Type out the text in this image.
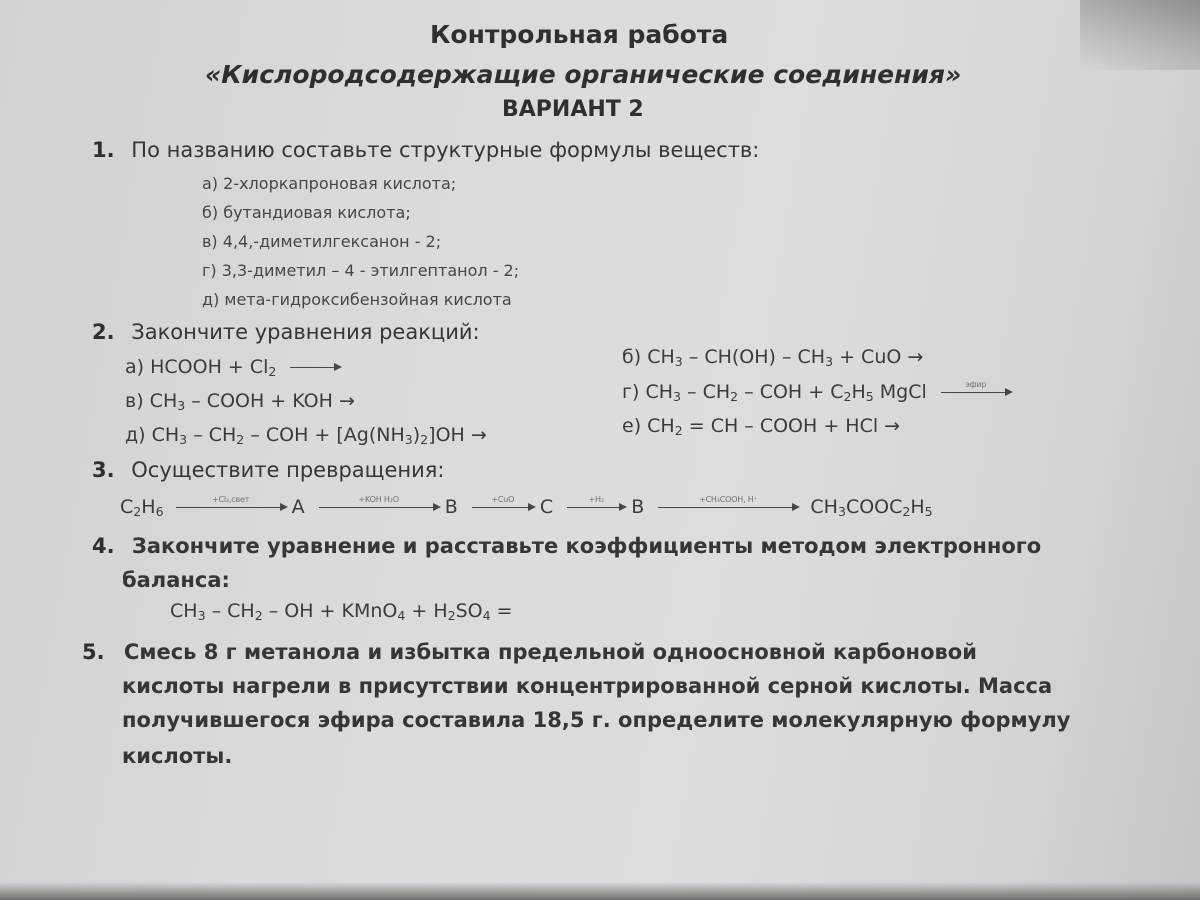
Контрольная работа
«Кислородсодержащие органические соединения»
ВАРИАНТ 2
1. По названию составьте структурные формулы веществ:
а) 2-хлоркапроновая кислота;
б) бутандиовая кислота;
в) 4,4,-диметилгексанон - 2;
г) 3,3-диметил – 4 - этилгептанол - 2;
д) мета-гидроксибензойная кислота
2. Закончите уравнения реакций:
а) HCOOH + $Cl_2$ →	б) $CH_3 - CH(OH) - CH_3$ + CuO →
в) $CH_3$ – COOH + KOH →	г) $CH_3 - CH_2$ – COH + $C_2H_5$ MgCl	эфир
д) $CH_3 - CH_2$ – COH + $[Ag(NH_3)_2]OH$ →	е) $CH_2$ = CH – COOH + HCl →
3. Осуществите превращения:
$C_2H_6$
+Cl₂,свет	A	+KOH H₂O	B	+CuO	C	+H₂	B	+CH₃COOH, H⁺	$CH_3COOC_2H_5$
4. Закончите уравнение и расставьте коэффициенты методом электронного
баланса:
$CH_3 - CH_2$ – OH + KMnO$_4$ + $H_2SO_4$ =
5. Смесь 8 г метанола и избытка предельной одноосновной карбоновой
кислоты нагрели в присутствии концентрированной серной кислоты. Масса
получившегося эфира составила 18,5 г. определите молекулярную формулу
кислоты.
